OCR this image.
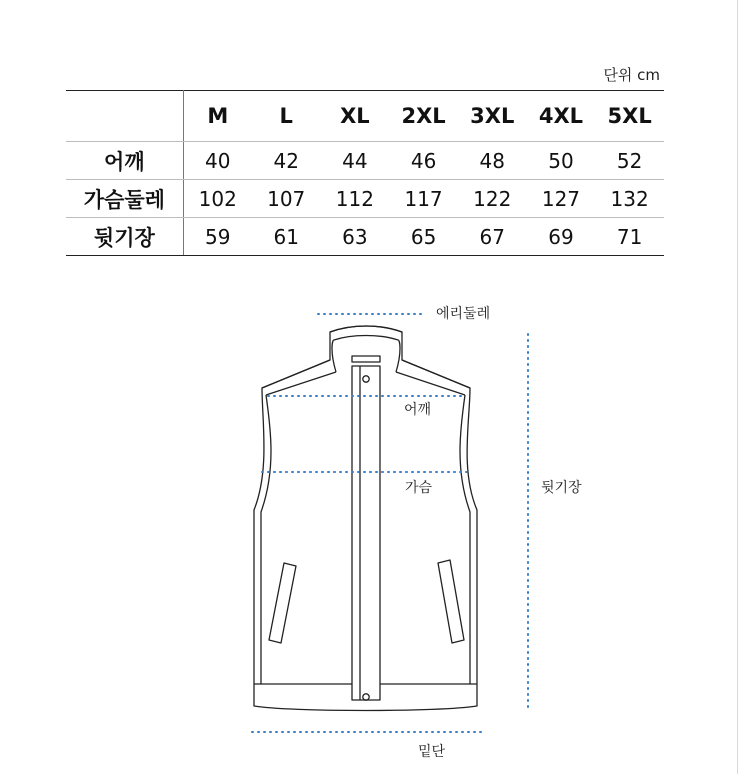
단위 cm
	M	L	XL	2XL	3XL	4XL	5XL
어깨	40	42	44	46	48	50	52
가슴둘레	102	107	112	117	122	127	132
뒷기장	59	61	63	65	67	69	71
에리둘레
어깨
가슴	뒷기장
밑단
